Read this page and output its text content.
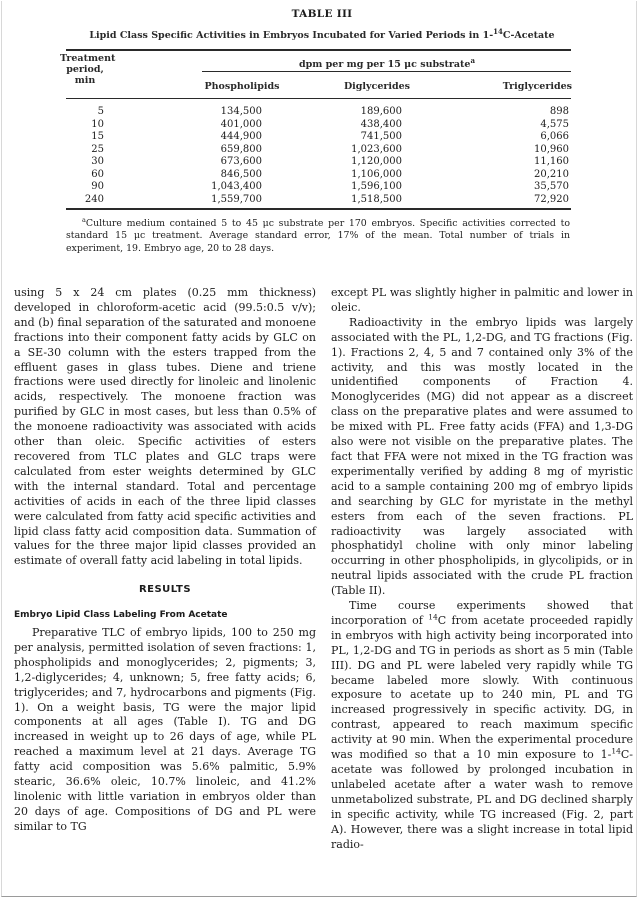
TABLE III
Lipid Class Specific Activities in Embryos Incubated for Varied Periods in 1-$^{14}$C-Acetate
Treatment
period,
min
dpm per mg per 15 μc substrate$^a$
Phospholipids	Diglycerides	Triglycerides
5	134,500	189,600	898
10	401,000	438,400	4,575
15	444,900	741,500	6,066
25	659,800	1,023,600	10,960
30	673,600	1,120,000	11,160
60	846,500	1,106,000	20,210
90	1,043,400	1,596,100	35,570
240	1,559,700	1,518,500	72,920
$^a$Culture medium contained 5 to 45 μc substrate per 170 embryos. Specific activities corrected to standard 15 μc treatment. Average standard error, 17% of the mean. Total number of trials in experiment, 19. Embryo age, 20 to 28 days.

using 5 x 24 cm plates (0.25 mm thickness) developed in chloroform-acetic acid (99.5:0.5 v/v); and (b) final separation of the saturated and monoene fractions into their component fatty acids by GLC on a SE-30 column with the esters trapped from the effluent gases in glass tubes. Diene and triene fractions were used directly for linoleic and linolenic acids, respectively. The monoene fraction was purified by GLC in most cases, but less than 0.5% of the monoene radioactivity was associated with acids other than oleic. Specific activities of esters recovered from TLC plates and GLC traps were calculated from ester weights determined by GLC with the internal standard. Total and percentage activities of acids in each of the three lipid classes were calculated from fatty acid specific activities and lipid class fatty acid composition data. Summation of values for the three major lipid classes provided an estimate of overall fatty acid labeling in total lipids.

RESULTS
Embryo Lipid Class Labeling From Acetate

Preparative TLC of embryo lipids, 100 to 250 mg per analysis, permitted isolation of seven fractions: 1, phospholipids and monoglycerides; 2, pigments; 3, 1,2-diglycerides; 4, unknown; 5, free fatty acids; 6, triglycerides; and 7, hydrocarbons and pigments (Fig. 1). On a weight basis, TG were the major lipid components at all ages (Table I). TG and DG increased in weight up to 26 days of age, while PL reached a maximum level at 21 days. Average TG fatty acid composition was 5.6% palmitic, 5.9% stearic, 36.6% oleic, 10.7% linoleic, and 41.2% linolenic with little variation in embryos older than 20 days of age. Compositions of DG and PL were similar to TG

except PL was slightly higher in palmitic and lower in oleic.

Radioactivity in the embryo lipids was largely associated with the PL, 1,2-DG, and TG fractions (Fig. 1). Fractions 2, 4, 5 and 7 contained only 3% of the activity, and this was mostly located in the unidentified components of Fraction 4. Monoglycerides (MG) did not appear as a discreet class on the preparative plates and were assumed to be mixed with PL. Free fatty acids (FFA) and 1,3-DG also were not visible on the preparative plates. The fact that FFA were not mixed in the TG fraction was experimentally verified by adding 8 mg of myristic acid to a sample containing 200 mg of embryo lipids and searching by GLC for myristate in the methyl esters from each of the seven fractions. PL radioactivity was largely associated with phosphatidyl choline with only minor labeling occurring in other phospholipids, in glycolipids, or in neutral lipids associated with the crude PL fraction (Table II).

Time course experiments showed that incorporation of $^{14}$C from acetate proceeded rapidly in embryos with high activity being incorporated into PL, 1,2-DG and TG in periods as short as 5 min (Table III). DG and PL were labeled very rapidly while TG became labeled more slowly. With continuous exposure to acetate up to 240 min, PL and TG increased progressively in specific activity. DG, in contrast, appeared to reach maximum specific activity at 90 min. When the experimental procedure was modified so that a 10 min exposure to 1-$^{14}$C-acetate was followed by prolonged incubation in unlabeled acetate after a water wash to remove unmetabolized substrate, PL and DG declined sharply in specific activity, while TG increased (Fig. 2, part A). However, there was a slight increase in total lipid radio-
